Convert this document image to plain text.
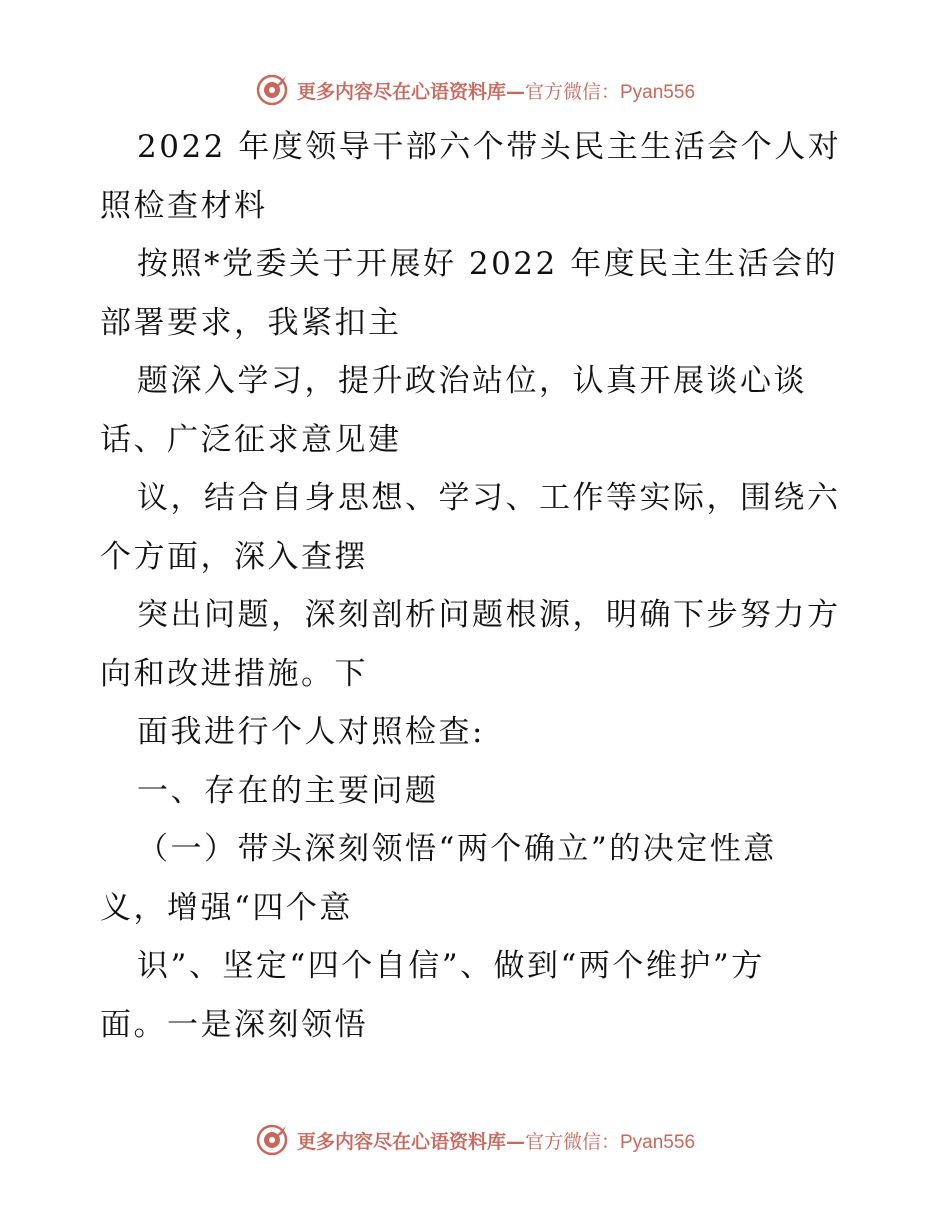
更多内容尽在心语资料库—官方微信：Pyan556
2022 年度领导干部六个带头民主生活会个人对
照检查材料
按照*党委关于开展好 2022 年度民主生活会的
部署要求，我紧扣主
题深入学习，提升政治站位，认真开展谈心谈
话、广泛征求意见建
议，结合自身思想、学习、工作等实际，围绕六
个方面，深入查摆
突出问题，深刻剖析问题根源，明确下步努力方
向和改进措施。下
面我进行个人对照检查:
一、存在的主要问题
（一）带头深刻领悟“两个确立”的决定性意
义，增强“四个意
识”、坚定“四个自信”、做到“两个维护”方
面。一是深刻领悟
更多内容尽在心语资料库—官方微信：Pyan556
